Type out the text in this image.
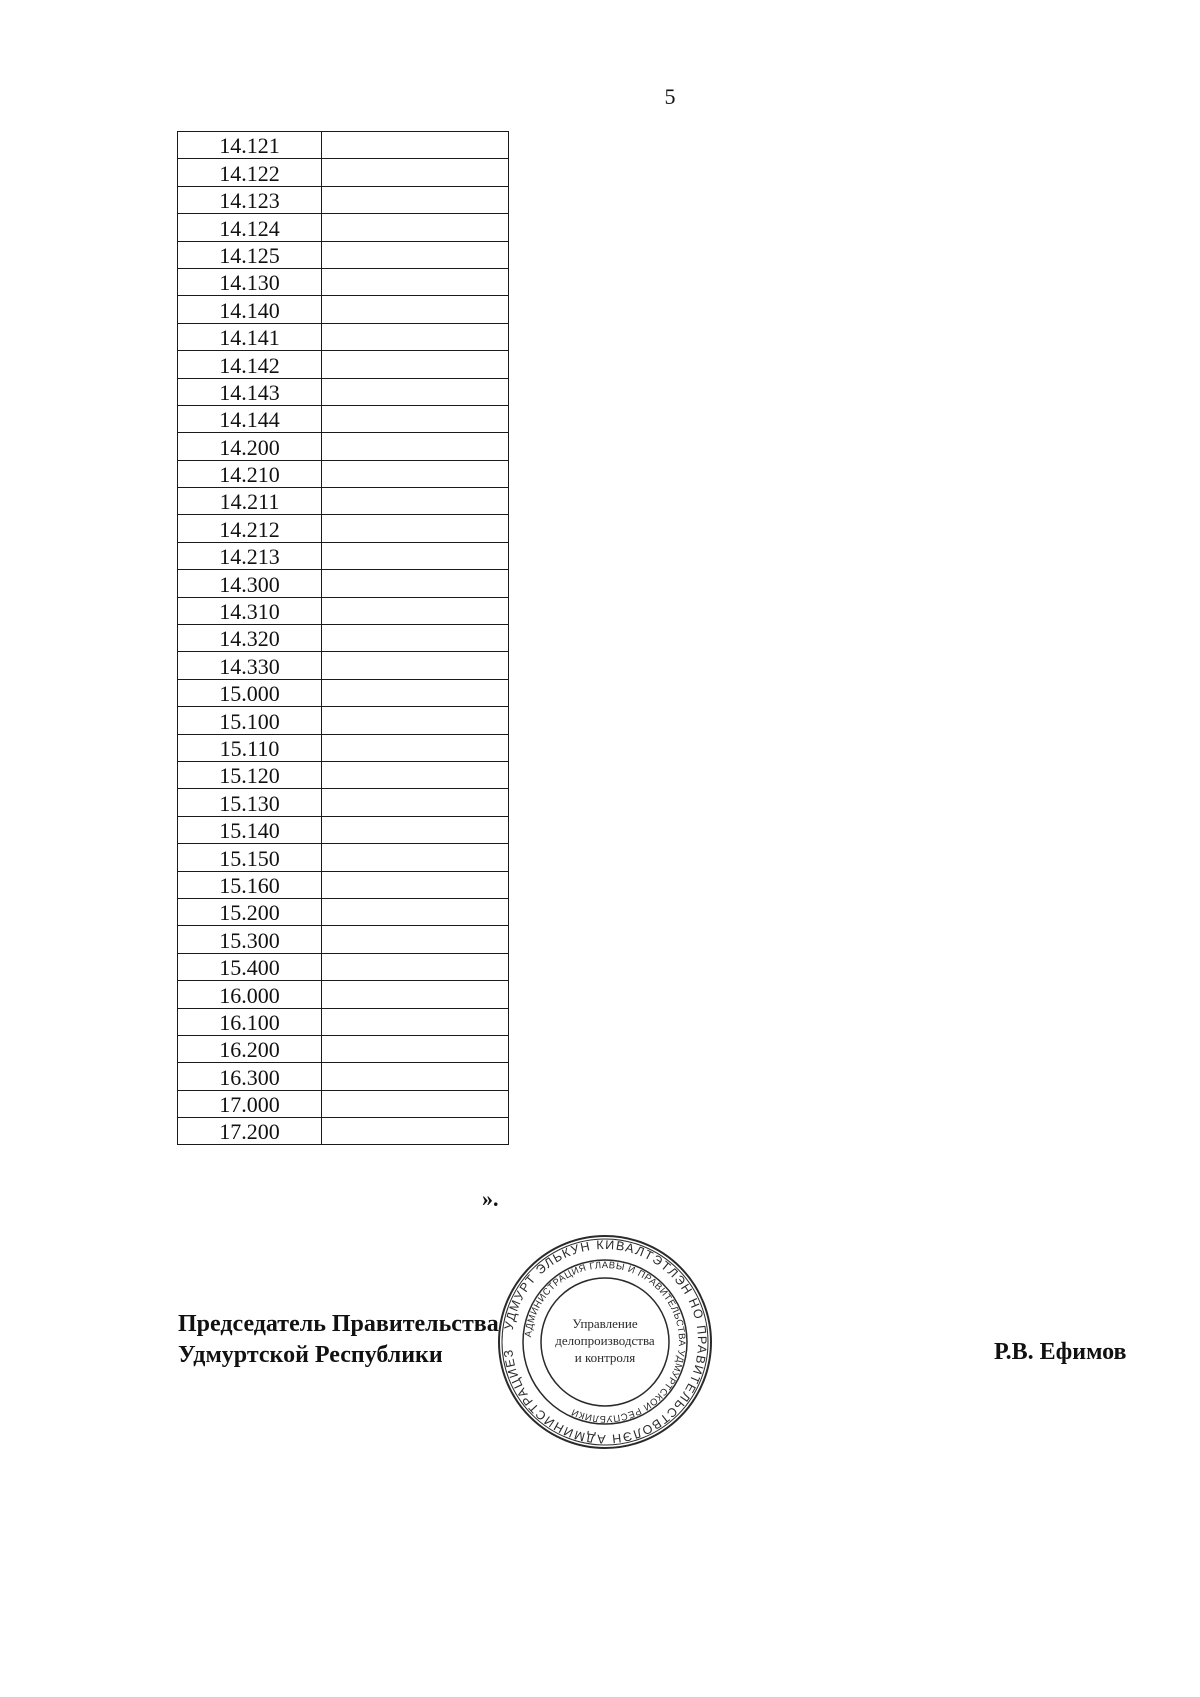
5
14.121	
14.122	
14.123	
14.124	
14.125	
14.130	
14.140	
14.141	
14.142	
14.143	
14.144	
14.200	
14.210	
14.211	
14.212	
14.213	
14.300	
14.310	
14.320	
14.330	
15.000	
15.100	
15.110	
15.120	
15.130	
15.140	
15.150	
15.160	
15.200	
15.300	
15.400	
16.000	
16.100	
16.200	
16.300	
17.000	
17.200	
».
Председатель Правительства
Удмуртской Республики
УДМУРТ ЭЛЬКУН КИВАЛТЭТЛЭН НО ПРАВИТЕЛЬСТВОЛЭН АДМИНИСТРАЦИЕЗ
АДМИНИСТРАЦИЯ ГЛАВЫ И ПРАВИТЕЛЬСТВА УДМУРТСКОЙ РЕСПУБЛИКИ
Управление
делопроизводства
и контроля	Р.В. Ефимов
